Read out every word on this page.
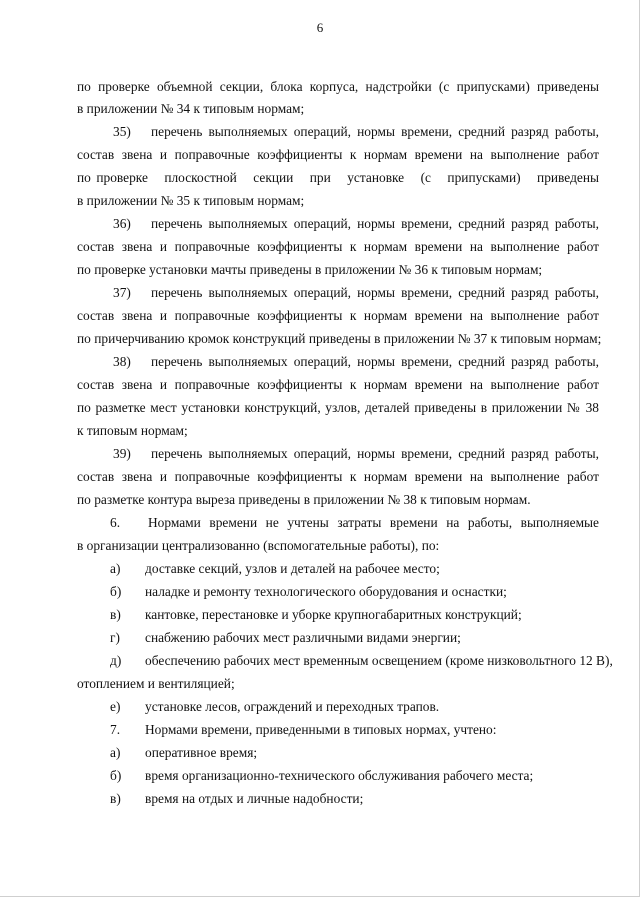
6
по проверке объемной секции, блока корпуса, надстройки (с припусками) приведены
в приложении № 34 к типовым нормам;
35) перечень выполняемых операций, нормы времени, средний разряд работы,
состав звена и поправочные коэффициенты к нормам времени на выполнение работ
по проверке   плоскостной   секции   при   установке   (с   припусками)   приведены
в приложении № 35 к типовым нормам;
36) перечень выполняемых операций, нормы времени, средний разряд работы,
состав звена и поправочные коэффициенты к нормам времени на выполнение работ
по проверке установки мачты приведены в приложении № 36 к типовым нормам;
37) перечень выполняемых операций, нормы времени, средний разряд работы,
состав звена и поправочные коэффициенты к нормам времени на выполнение работ
по причерчиванию кромок конструкций приведены в приложении № 37 к типовым нормам;
38) перечень выполняемых операций, нормы времени, средний разряд работы,
состав звена и поправочные коэффициенты к нормам времени на выполнение работ
по разметке мест установки конструкций, узлов, деталей приведены в приложении № 38
к типовым нормам;
39) перечень выполняемых операций, нормы времени, средний разряд работы,
состав звена и поправочные коэффициенты к нормам времени на выполнение работ
по разметке контура выреза приведены в приложении № 38 к типовым нормам.
6. Нормами времени не учтены затраты времени на работы, выполняемые
в организации централизованно (вспомогательные работы), по:
а) доставке секций, узлов и деталей на рабочее место;
б) наладке и ремонту технологического оборудования и оснастки;
в) кантовке, перестановке и уборке крупногабаритных конструкций;
г) снабжению рабочих мест различными видами энергии;
д) обеспечению рабочих мест временным освещением (кроме низковольтного 12 В),
отоплением и вентиляцией;
е) установке лесов, ограждений и переходных трапов.
7. Нормами времени, приведенными в типовых нормах, учтено:
а) оперативное время;
б) время организационно-технического обслуживания рабочего места;
в) время на отдых и личные надобности;
